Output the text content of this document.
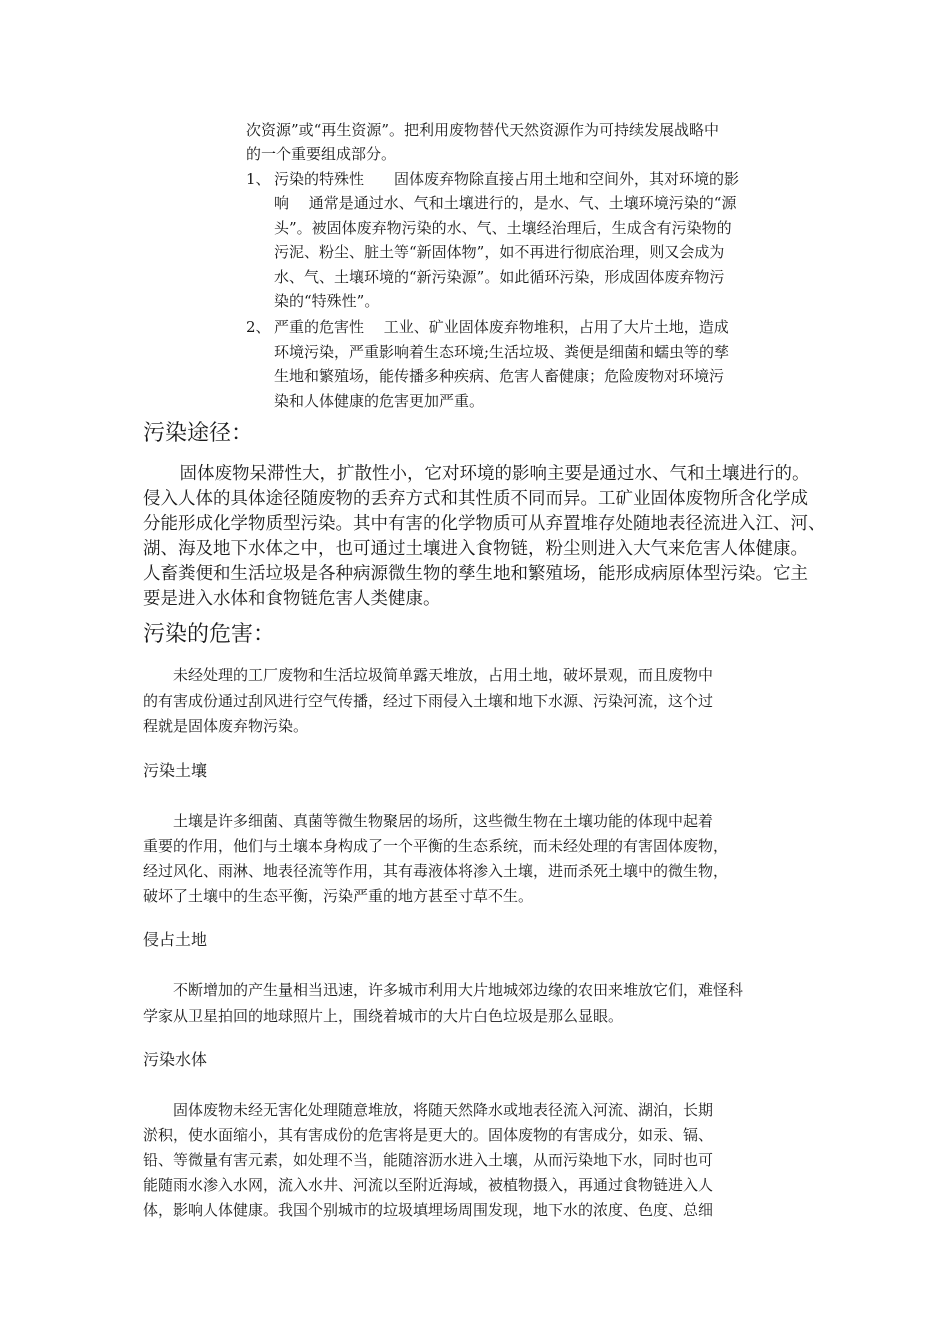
次资源”或“再生资源”。把利用废物替代天然资源作为可持续发展战略中
的一个重要组成部分。
1、 污染的特殊性　　固体废弃物除直接占用土地和空间外，其对环境的影
响　 通常是通过水、气和土壤进行的，是水、气、土壤环境污染的“源
头”。被固体废弃物污染的水、气、土壤经治理后，生成含有污染物的
污泥、粉尘、脏土等“新固体物”，如不再进行彻底治理，则又会成为
水、气、土壤环境的“新污染源”。如此循环污染，形成固体废弃物污
染的“特殊性”。
2、 严重的危害性　 工业、矿业固体废弃物堆积，占用了大片土地，造成
环境污染，严重影响着生态环境;生活垃圾、粪便是细菌和蠕虫等的孳
生地和繁殖场，能传播多种疾病、危害人畜健康；危险废物对环境污
染和人体健康的危害更加严重。
污染途径：
　固体废物呆滞性大，扩散性小，它对环境的影响主要是通过水、气和土壤进行的。
侵入人体的具体途径随废物的丢弃方式和其性质不同而异。工矿业固体废物所含化学成
分能形成化学物质型污染。其中有害的化学物质可从弃置堆存处随地表径流进入江、河、
湖、海及地下水体之中，也可通过土壤进入食物链，粉尘则进入大气来危害人体健康。
人畜粪便和生活垃圾是各种病源微生物的孳生地和繁殖场，能形成病原体型污染。它主
要是进入水体和食物链危害人类健康。
污染的危害：
　　未经处理的工厂废物和生活垃圾简单露天堆放，占用土地，破坏景观，而且废物中
的有害成份通过刮风进行空气传播，经过下雨侵入土壤和地下水源、污染河流，这个过
程就是固体废弃物污染。
污染土壤
　　土壤是许多细菌、真菌等微生物聚居的场所，这些微生物在土壤功能的体现中起着
重要的作用，他们与土壤本身构成了一个平衡的生态系统，而未经处理的有害固体废物，
经过风化、雨淋、地表径流等作用，其有毒液体将渗入土壤，进而杀死土壤中的微生物，
破坏了土壤中的生态平衡，污染严重的地方甚至寸草不生。
侵占土地
　　不断增加的产生量相当迅速，许多城市利用大片地城郊边缘的农田来堆放它们，难怪科
学家从卫星拍回的地球照片上，围绕着城市的大片白色垃圾是那么显眼。
污染水体
　　固体废物未经无害化处理随意堆放，将随天然降水或地表径流入河流、湖泊，长期
淤积，使水面缩小，其有害成份的危害将是更大的。固体废物的有害成分，如汞、镉、
铅、等微量有害元素，如处理不当，能随溶沥水进入土壤，从而污染地下水，同时也可
能随雨水渗入水网，流入水井、河流以至附近海域，被植物摄入，再通过食物链进入人
体，影响人体健康。我国个别城市的垃圾填埋场周围发现，地下水的浓度、色度、总细
